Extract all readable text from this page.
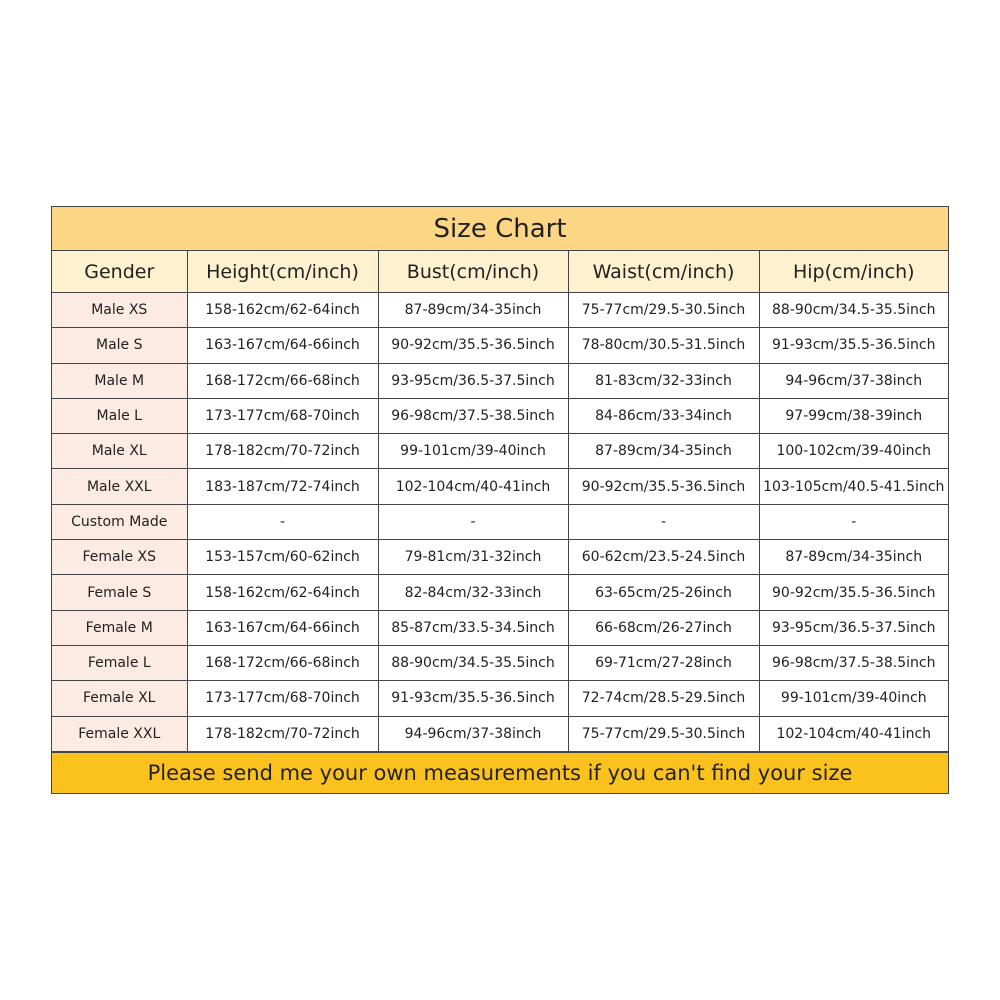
Size Chart
Gender	Height(cm/inch)	Bust(cm/inch)	Waist(cm/inch)	Hip(cm/inch)
Male XS	158-162cm/62-64inch	87-89cm/34-35inch	75-77cm/29.5-30.5inch	88-90cm/34.5-35.5inch
Male S	163-167cm/64-66inch	90-92cm/35.5-36.5inch	78-80cm/30.5-31.5inch	91-93cm/35.5-36.5inch
Male M	168-172cm/66-68inch	93-95cm/36.5-37.5inch	81-83cm/32-33inch	94-96cm/37-38inch
Male L	173-177cm/68-70inch	96-98cm/37.5-38.5inch	84-86cm/33-34inch	97-99cm/38-39inch
Male XL	178-182cm/70-72inch	99-101cm/39-40inch	87-89cm/34-35inch	100-102cm/39-40inch
Male XXL	183-187cm/72-74inch	102-104cm/40-41inch	90-92cm/35.5-36.5inch	103-105cm/40.5-41.5inch
Custom Made	-	-	-	-
Female XS	153-157cm/60-62inch	79-81cm/31-32inch	60-62cm/23.5-24.5inch	87-89cm/34-35inch
Female S	158-162cm/62-64inch	82-84cm/32-33inch	63-65cm/25-26inch	90-92cm/35.5-36.5inch
Female M	163-167cm/64-66inch	85-87cm/33.5-34.5inch	66-68cm/26-27inch	93-95cm/36.5-37.5inch
Female L	168-172cm/66-68inch	88-90cm/34.5-35.5inch	69-71cm/27-28inch	96-98cm/37.5-38.5inch
Female XL	173-177cm/68-70inch	91-93cm/35.5-36.5inch	72-74cm/28.5-29.5inch	99-101cm/39-40inch
Female XXL	178-182cm/70-72inch	94-96cm/37-38inch	75-77cm/29.5-30.5inch	102-104cm/40-41inch
Please send me your own measurements if you can't find your size
